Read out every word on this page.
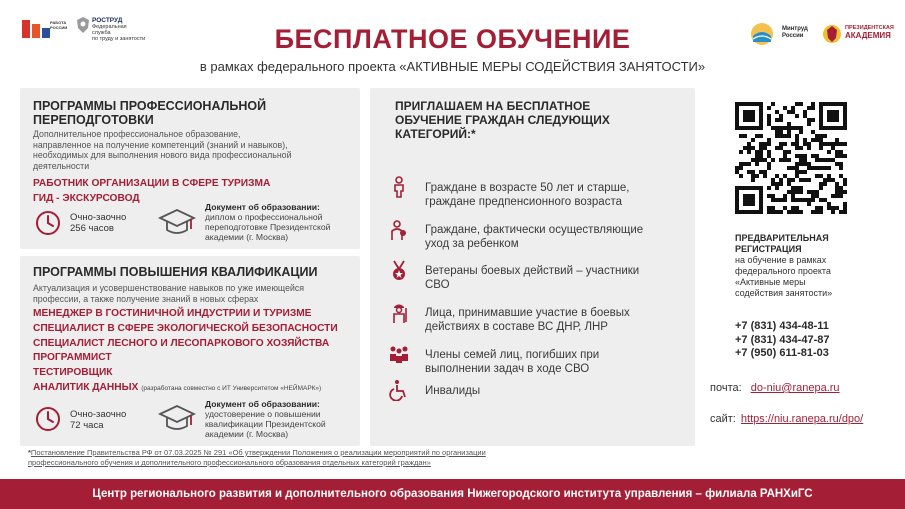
РАБОТА РОССИИ
РОСТРУД
Федеральная служба
по труду и занятости
Минтруд
России
ПРЕЗИДЕНТСКАЯ
АКАДЕМИЯ
БЕСПЛАТНОЕ ОБУЧЕНИЕ
в рамках федерального проекта «АКТИВНЫЕ МЕРЫ СОДЕЙСТВИЯ ЗАНЯТОСТИ»
ПРОГРАММЫ ПРОФЕССИОНАЛЬНОЙ
ПЕРЕПОДГОТОВКИ
Дополнительное профессиональное образование,
направленное на получение компетенций (знаний и навыков),
необходимых для выполнения нового вида профессиональной
деятельности
РАБОТНИК ОРГАНИЗАЦИИ В СФЕРЕ ТУРИЗМА
ГИД - ЭКСКУРСОВОД
Очно-заочно
256 часов
Документ об образовании:
диплом о профессиональной
переподготовке Президентской
академии (г. Москва)
ПРОГРАММЫ ПОВЫШЕНИЯ КВАЛИФИКАЦИИ
Актуализация и усовершенствование навыков по уже имеющейся
профессии, а также получение знаний в новых сферах
МЕНЕДЖЕР В ГОСТИНИЧНОЙ ИНДУСТРИИ И ТУРИЗМЕ
СПЕЦИАЛИСТ В СФЕРЕ ЭКОЛОГИЧЕСКОЙ БЕЗОПАСНОСТИ
СПЕЦИАЛИСТ ЛЕСНОГО И ЛЕСОПАРКОВОГО ХОЗЯЙСТВА
ПРОГРАММИСТ
ТЕСТИРОВЩИК
АНАЛИТИК ДАННЫХ (разработана совместно с ИТ Университетом «НЕЙМАРК»)
Очно-заочно
72 часа
Документ об образовании:
удостоверение о повышении
квалификации Президентской
академии (г. Москва)
ПРИГЛАШАЕМ НА БЕСПЛАТНОЕ
ОБУЧЕНИЕ ГРАЖДАН СЛЕДУЮЩИХ
КАТЕГОРИЙ:*
Граждане в возрасте 50 лет и старше,
граждане предпенсионного возраста
Граждане, фактически осуществляющие
уход за ребенком
Ветераны боевых действий – участники
СВО
Лица, принимавшие участие в боевых
действиях в составе ВС ДНР, ЛНР
Члены семей лиц, погибших при
выполнении задач в ходе СВО
Инвалиды
ПРЕДВАРИТЕЛЬНАЯ
РЕГИСТРАЦИЯ
на обучение в рамках
федерального проекта
«Активные меры
содействия занятости»
+7 (831) 434-48-11
+7 (831) 434-47-87
+7 (950) 611-81-03
почта: do-niu@ranepa.ru
сайт: https://niu.ranepa.ru/dpo/
*Постановление Правительства РФ от 07.03.2025 № 291 «Об утверждении Положения о реализации мероприятий по организации
профессионального обучения и дополнительного профессионального образования отдельных категорий граждан»
Центр регионального развития и дополнительного образования Нижегородского института управления – филиала РАНХиГС
